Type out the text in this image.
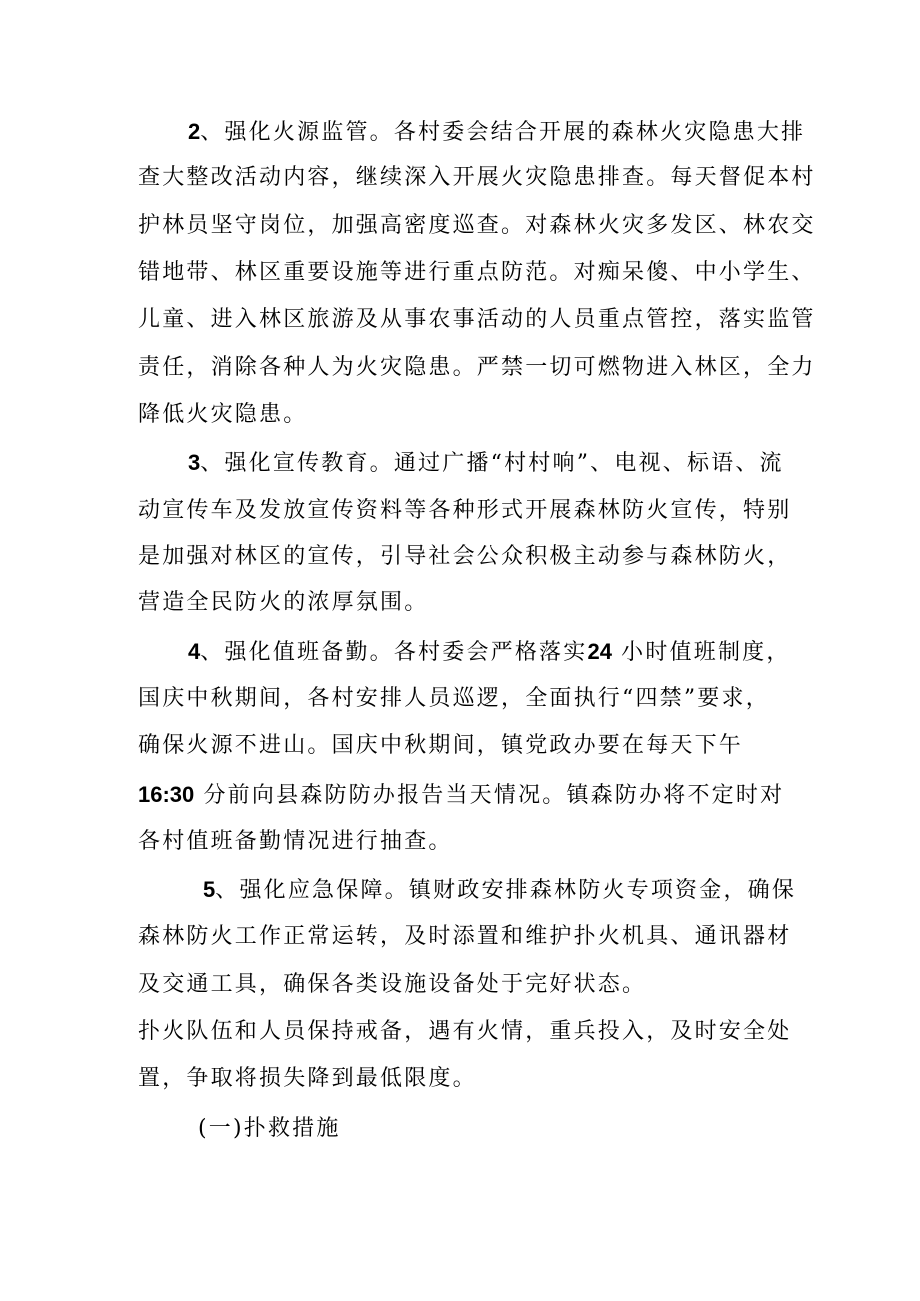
2、强化火源监管。各村委会结合开展的森林火灾隐患大排
查大整改活动内容，继续深入开展火灾隐患排查。每天督促本村
护林员坚守岗位，加强高密度巡查。对森林火灾多发区、林农交
错地带、林区重要设施等进行重点防范。对痴呆傻、中小学生、
儿童、进入林区旅游及从事农事活动的人员重点管控，落实监管
责任，消除各种人为火灾隐患。严禁一切可燃物进入林区，全力
降低火灾隐患。
3、强化宣传教育。通过广播“村村响”、电视、标语、流
动宣传车及发放宣传资料等各种形式开展森林防火宣传，特别
是加强对林区的宣传，引导社会公众积极主动参与森林防火，
营造全民防火的浓厚氛围。
4、强化值班备勤。各村委会严格落实24 小时值班制度，
国庆中秋期间，各村安排人员巡逻，全面执行“四禁”要求，
确保火源不进山。国庆中秋期间，镇党政办要在每天下午
16:30 分前向县森防防办报告当天情况。镇森防办将不定时对
各村值班备勤情况进行抽查。
5、强化应急保障。镇财政安排森林防火专项资金，确保
森林防火工作正常运转，及时添置和维护扑火机具、通讯器材
及交通工具，确保各类设施设备处于完好状态。
扑火队伍和人员保持戒备，遇有火情，重兵投入，及时安全处
置，争取将损失降到最低限度。
(一)扑救措施
